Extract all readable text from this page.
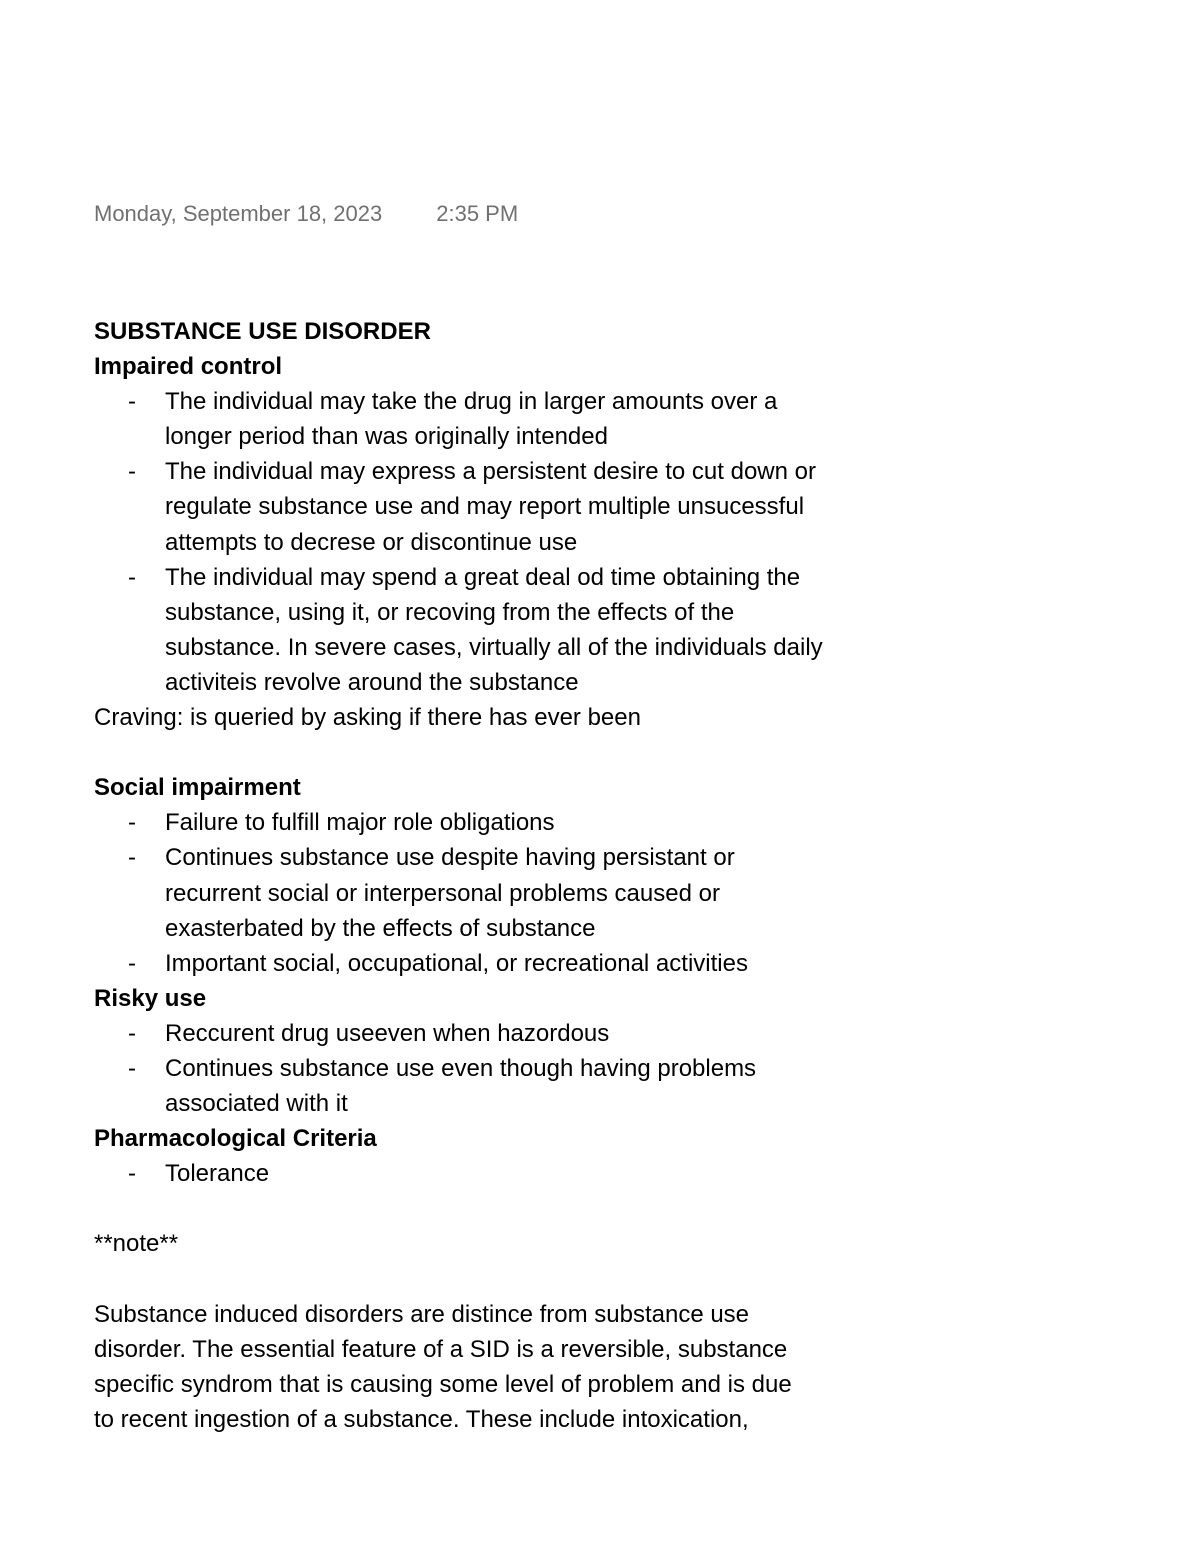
Monday, September 18, 2023 2:35 PM

SUBSTANCE USE DISORDER

Impaired control

- The individual may take the drug in larger amounts over a
longer period than was originally intended
- The individual may express a persistent desire to cut down or
regulate substance use and may report multiple unsucessful
attempts to decrese or discontinue use
- The individual may spend a great deal od time obtaining the
substance, using it, or recoving from the effects of the
substance. In severe cases, virtually all of the individuals daily
activiteis revolve around the substance

Craving: is queried by asking if there has ever been

Social impairment

- Failure to fulfill major role obligations
- Continues substance use despite having persistant or
recurrent social or interpersonal problems caused or
exasterbated by the effects of substance
- Important social, occupational, or recreational activities

Risky use

- Reccurent drug useeven when hazordous
- Continues substance use even though having problems
associated with it

Pharmacological Criteria

- Tolerance

**note**

Substance induced disorders are distince from substance use
disorder. The essential feature of a SID is a reversible, substance
specific syndrom that is causing some level of problem and is due
to recent ingestion of a substance. These include intoxication,
